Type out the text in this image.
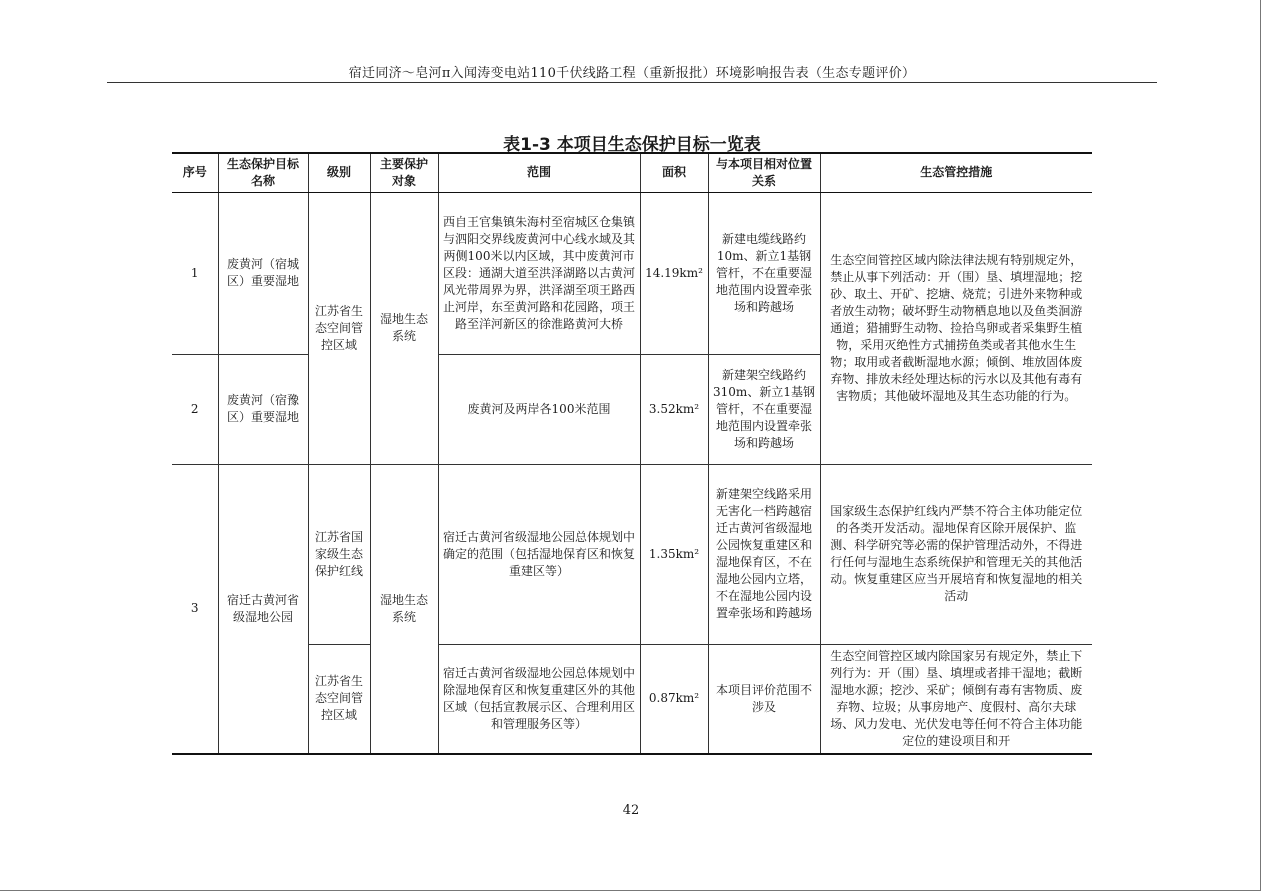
宿迁同济～皂河π入闻涛变电站110千伏线路工程（重新报批）环境影响报告表（生态专题评价）
表1-3 本项目生态保护目标一览表
序号	生态保护目标名称	级别	主要保护对象	范围	面积	与本项目相对位置关系	生态管控措施
1	废黄河（宿城区）重要湿地	江苏省生态空间管控区域	湿地生态系统	西自王官集镇朱海村至宿城区仓集镇与泗阳交界线废黄河中心线水域及其两侧100米以内区域，其中废黄河市区段：通湖大道至洪泽湖路以古黄河风光带周界为界，洪泽湖至项王路西止河岸，东至黄河路和花园路，项王路至洋河新区的徐淮路黄河大桥	14.19km²	新建电缆线路约10m、新立1基钢管杆，不在重要湿地范围内设置牵张场和跨越场	生态空间管控区域内除法律法规有特别规定外，禁止从事下列活动：开（围）垦、填埋湿地；挖砂、取土、开矿、挖塘、烧荒；引进外来物种或者放生动物；破坏野生动物栖息地以及鱼类洄游通道；猎捕野生动物、捡拾鸟卵或者采集野生植物，采用灭绝性方式捕捞鱼类或者其他水生生物；取用或者截断湿地水源；倾倒、堆放固体废弃物、排放未经处理达标的污水以及其他有毒有害物质；其他破坏湿地及其生态功能的行为。
2	废黄河（宿豫区）重要湿地			废黄河及两岸各100米范围	3.52km²	新建架空线路约310m、新立1基钢管杆，不在重要湿地范围内设置牵张场和跨越场	
3	宿迁古黄河省级湿地公园	江苏省国家级生态保护红线	湿地生态系统	宿迁古黄河省级湿地公园总体规划中确定的范围（包括湿地保育区和恢复重建区等）	1.35km²	新建架空线路采用无害化一档跨越宿迁古黄河省级湿地公园恢复重建区和湿地保育区，不在湿地公园内立塔，不在湿地公园内设置牵张场和跨越场	国家级生态保护红线内严禁不符合主体功能定位的各类开发活动。湿地保育区除开展保护、监测、科学研究等必需的保护管理活动外，不得进行任何与湿地生态系统保护和管理无关的其他活动。恢复重建区应当开展培育和恢复湿地的相关活动
		江苏省生态空间管控区域		宿迁古黄河省级湿地公园总体规划中除湿地保育区和恢复重建区外的其他区域（包括宣教展示区、合理利用区和管理服务区等）	0.87km²	本项目评价范围不涉及	生态空间管控区域内除国家另有规定外，禁止下列行为：开（围）垦、填埋或者排干湿地；截断湿地水源；挖沙、采矿；倾倒有毒有害物质、废弃物、垃圾；从事房地产、度假村、高尔夫球场、风力发电、光伏发电等任何不符合主体功能定位的建设项目和开
42
